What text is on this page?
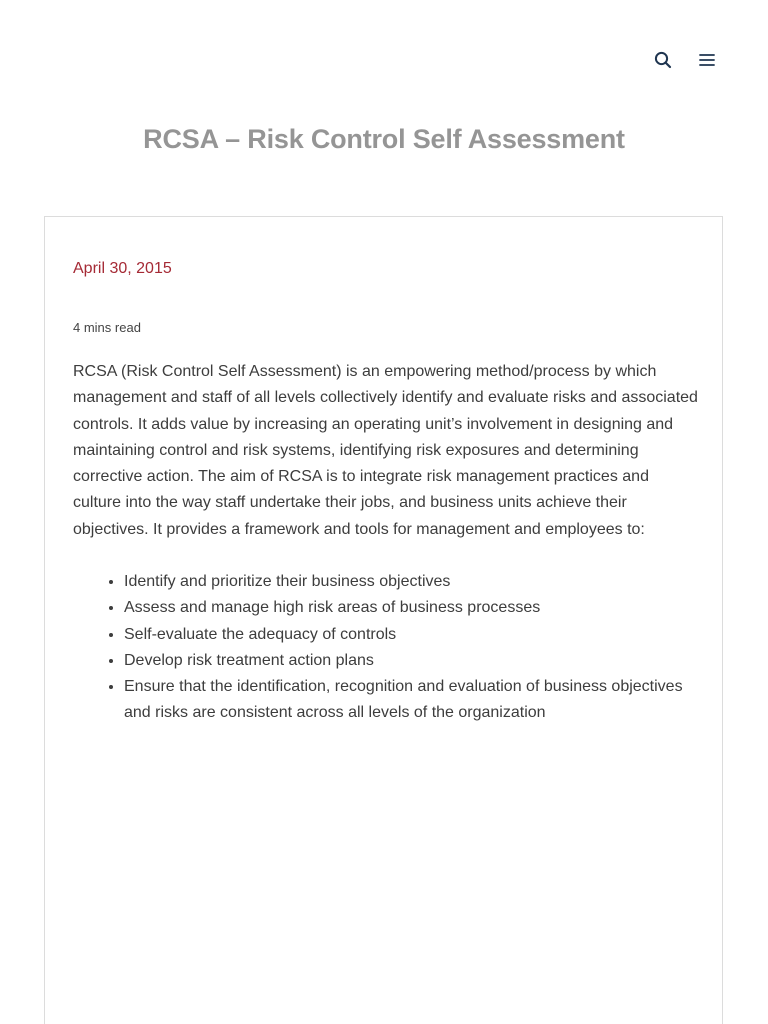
RCSA – Risk Control Self Assessment
April 30, 2015
4 mins read

RCSA (Risk Control Self Assessment) is an empowering method/process by which management and staff of all levels collectively identify and evaluate risks and associated controls. It adds value by increasing an operating unit’s involvement in designing and maintaining control and risk systems, identifying risk exposures and determining corrective action. The aim of RCSA is to integrate risk management practices and culture into the way staff undertake their jobs, and business units achieve their objectives. It provides a framework and tools for management and employees to:

• Identify and prioritize their business objectives
• Assess and manage high risk areas of business processes
• Self-evaluate the adequacy of controls
• Develop risk treatment action plans
• Ensure that the identification, recognition and evaluation of business objectives and risks are consistent across all levels of the organization
